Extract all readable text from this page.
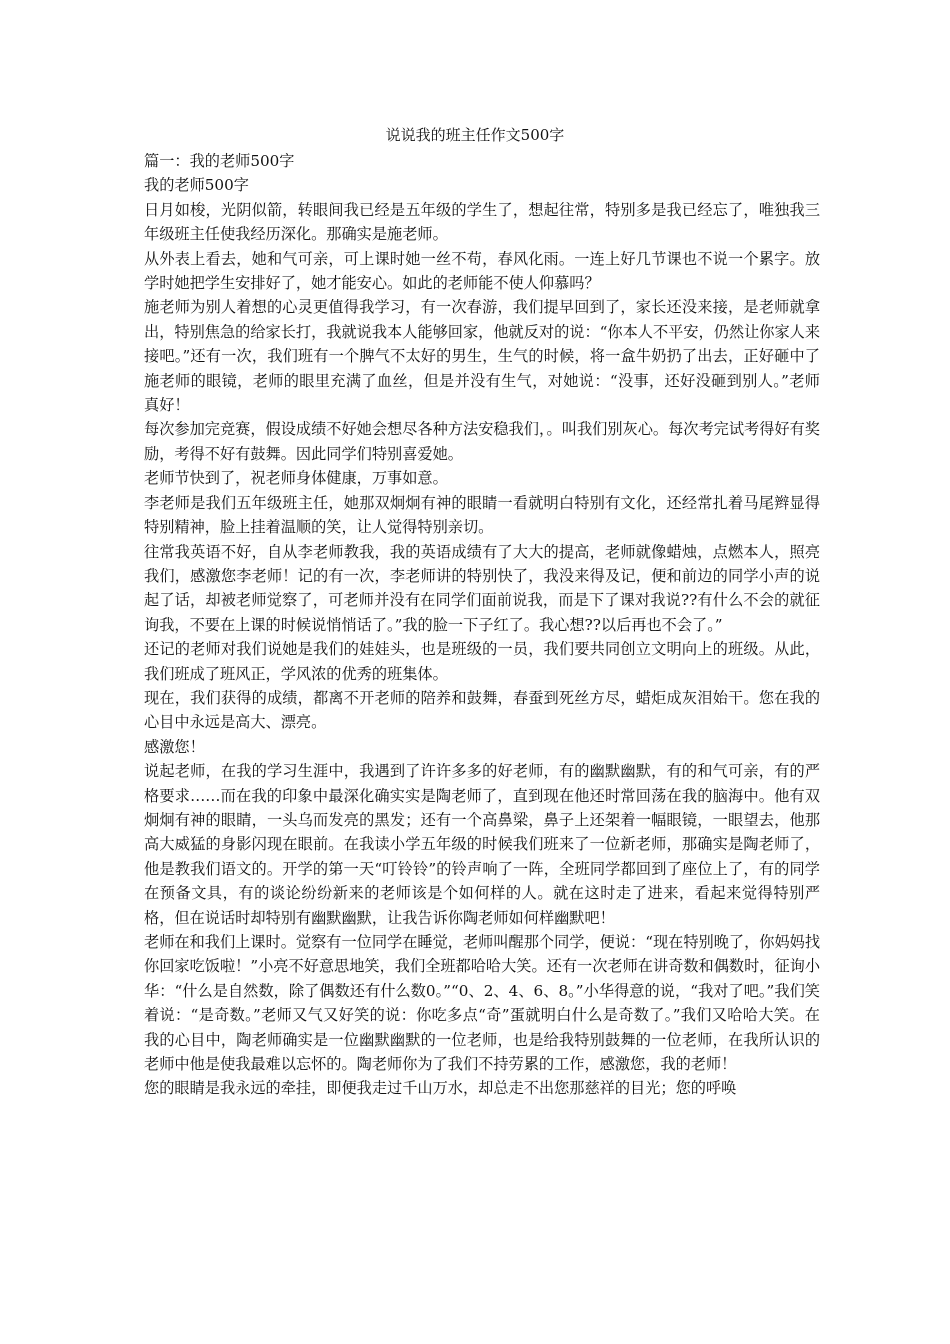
说说我的班主任作文500字

篇一：我的老师500字

我的老师500字

日月如梭，光阴似箭，转眼间我已经是五年级的学生了，想起往常，特别多是我已经忘了，唯独我三年级班主任使我经历深化。那确实是施老师。

从外表上看去，她和气可亲，可上课时她一丝不苟，春风化雨。一连上好几节课也不说一个累字。放学时她把学生安排好了，她才能安心。如此的老师能不使人仰慕吗？

施老师为别人着想的心灵更值得我学习，有一次春游，我们提早回到了，家长还没来接，是老师就拿出，特别焦急的给家长打，我就说我本人能够回家，他就反对的说：“你本人不平安，仍然让你家人来接吧。”还有一次，我们班有一个脾气不太好的男生，生气的时候，将一盒牛奶扔了出去，正好砸中了施老师的眼镜，老师的眼里充满了血丝，但是并没有生气，对她说：“没事，还好没砸到别人。”老师真好！

每次参加完竞赛，假设成绩不好她会想尽各种方法安稳我们，。叫我们别灰心。每次考完试考得好有奖励，考得不好有鼓舞。因此同学们特别喜爱她。

老师节快到了，祝老师身体健康，万事如意。

李老师是我们五年级班主任，她那双炯炯有神的眼睛一看就明白特别有文化，还经常扎着马尾辫显得特别精神，脸上挂着温顺的笑，让人觉得特别亲切。

往常我英语不好，自从李老师教我，我的英语成绩有了大大的提高，老师就像蜡烛，点燃本人，照亮我们，感激您李老师！记的有一次，李老师讲的特别快了，我没来得及记，便和前边的同学小声的说起了话，却被老师觉察了，可老师并没有在同学们面前说我，而是下了课对我说??有什么不会的就征询我，不要在上课的时候说悄悄话了。”我的脸一下子红了。我心想??以后再也不会了。”

还记的老师对我们说她是我们的娃娃头，也是班级的一员，我们要共同创立文明向上的班级。从此，我们班成了班风正，学风浓的优秀的班集体。

现在，我们获得的成绩，都离不开老师的陪养和鼓舞，春蚕到死丝方尽，蜡炬成灰泪始干。您在我的心目中永远是高大、漂亮。

感激您！

说起老师，在我的学习生涯中，我遇到了许许多多的好老师，有的幽默幽默，有的和气可亲，有的严格要求……而在我的印象中最深化确实实是陶老师了，直到现在他还时常回荡在我的脑海中。他有双炯炯有神的眼睛，一头乌而发亮的黑发；还有一个高鼻梁，鼻子上还架着一幅眼镜，一眼望去，他那高大威猛的身影闪现在眼前。在我读小学五年级的时候我们班来了一位新老师，那确实是陶老师了，他是教我们语文的。开学的第一天“叮铃铃”的铃声响了一阵，全班同学都回到了座位上了，有的同学在预备文具，有的谈论纷纷新来的老师该是个如何样的人。就在这时走了进来，看起来觉得特别严格，但在说话时却特别有幽默幽默，让我告诉你陶老师如何样幽默吧！

老师在和我们上课时。觉察有一位同学在睡觉，老师叫醒那个同学，便说：“现在特别晚了，你妈妈找你回家吃饭啦！”小亮不好意思地笑，我们全班都哈哈大笑。还有一次老师在讲奇数和偶数时，征询小华：“什么是自然数，除了偶数还有什么数0。”“0、2、4、6、8。”小华得意的说，“我对了吧。”我们笑着说：“是奇数。”老师又气又好笑的说：你吃多点“奇”蛋就明白什么是奇数了。”我们又哈哈大笑。在我的心目中，陶老师确实是一位幽默幽默的一位老师，也是给我特别鼓舞的一位老师，在我所认识的老师中他是使我最难以忘怀的。陶老师你为了我们不持劳累的工作，感激您，我的老师！

您的眼睛是我永远的牵挂，即便我走过千山万水，却总走不出您那慈祥的目光；您的呼唤
